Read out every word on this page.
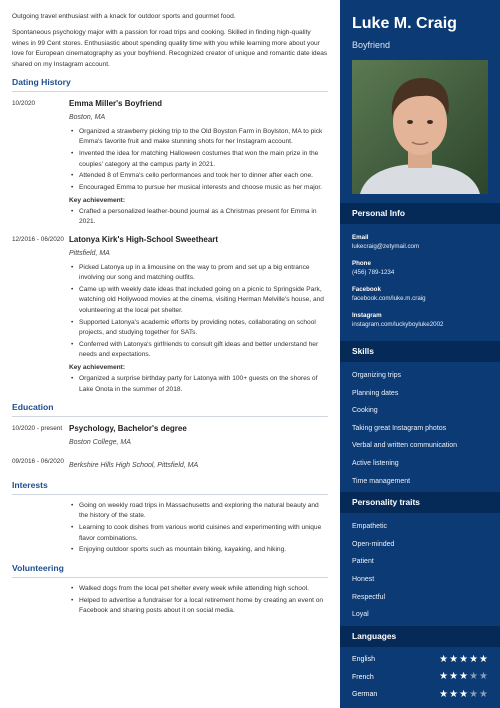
Outgoing travel enthusiast with a knack for outdoor sports and gourmet food.

Spontaneous psychology major with a passion for road trips and cooking. Skilled in finding high-quality wines in 99 Cent stores. Enthusiastic about spending quality time with you while learning more about your love for European cinematography as your boyfriend. Recognized creator of unique and romantic date ideas shared on my Instagram account.

Dating History
10/2020	Emma Miller's Boyfriend
Boston, MA
• Organized a strawberry picking trip to the Old Boyston Farm in Boylston, MA to pick Emma's favorite fruit and make stunning shots for her Instagram account.
• Invented the idea for matching Halloween costumes that won the main prize in the couples' category at the campus party in 2021.
• Attended 8 of Emma's cello performances and took her to dinner after each one.
• Encouraged Emma to pursue her musical interests and choose music as her major.
Key achievement:
• Crafted a personalized leather-bound journal as a Christmas present for Emma in 2021.
12/2016 - 06/2020 Latonya Kirk's High-School Sweetheart
Pittsfield, MA
• Picked Latonya up in a limousine on the way to prom and set up a big entrance involving our song and matching outfits.
• Came up with weekly date ideas that included going on a picnic to Springside Park, watching old Hollywood movies at the cinema, visiting Herman Melville's house, and volunteering at the local pet shelter.
• Supported Latonya's academic efforts by providing notes, collaborating on school projects, and studying together for SATs.
• Conferred with Latonya's girlfriends to consult gift ideas and better understand her needs and expectations.
Key achievement:
• Organized a surprise birthday party for Latonya with 100+ guests on the shores of Lake Onota in the summer of 2018.
Education
10/2020 - present Psychology, Bachelor's degree
Boston College, MA
09/2016 - 06/2020
Berkshire Hills High School, Pittsfield, MA
Interests
• Going on weekly road trips in Massachusetts and exploring the natural beauty and the history of the state.
• Learning to cook dishes from various world cuisines and experimenting with unique flavor combinations.
• Enjoying outdoor sports such as mountain biking, kayaking, and hiking.
Volunteering
• Walked dogs from the local pet shelter every week while attending high school.
• Helped to advertise a fundraiser for a local retirement home by creating an event on Facebook and sharing posts about it on social media.
Luke M. Craig
Boyfriend
Personal Info
Email
lukecraig@zetymail.com
Phone
(456) 789-1234
Facebook
facebook.com/luke.m.craig
Instagram
instagram.com/luckyboyluke2002
Skills
Organizing trips
Planning dates
Cooking
Taking great Instagram photos
Verbal and written communication
Active listening
Time management
Personality traits
Empathetic
Open-minded
Patient
Honest
Respectful
Loyal
Languages
English	★ ★ ★ ★ ★
French	★ ★ ★ ★ ★
German	★ ★ ★ ★ ★
